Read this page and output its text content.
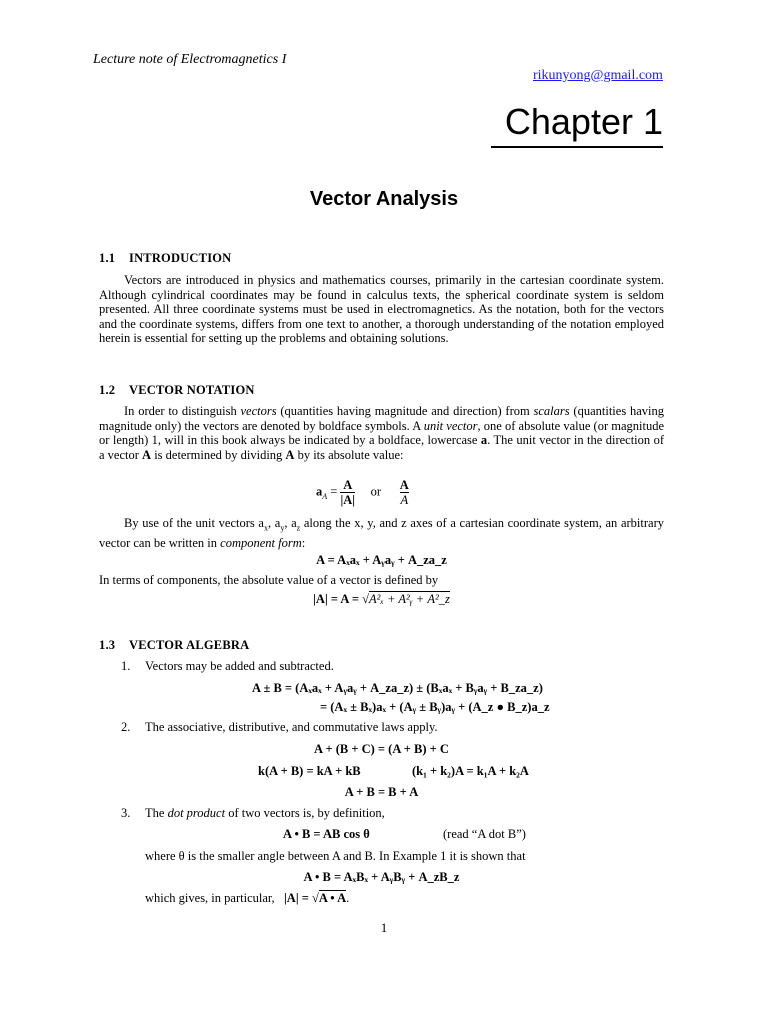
Lecture note of Electromagnetics I
rikunyong@gmail.com
Chapter 1
Vector Analysis
1.1 INTRODUCTION
Vectors are introduced in physics and mathematics courses, primarily in the cartesian coordinate system. Although cylindrical coordinates may be found in calculus texts, the spherical coordinate system is seldom presented. All three coordinate systems must be used in electromagnetics. As the notation, both for the vectors and the coordinate systems, differs from one text to another, a thorough understanding of the notation employed herein is essential for setting up the problems and obtaining solutions.
1.2 VECTOR NOTATION
In order to distinguish vectors (quantities having magnitude and direction) from scalars (quantities having magnitude only) the vectors are denoted by boldface symbols. A unit vector, one of absolute value (or magnitude or length) 1, will in this book always be indicated by a boldface, lowercase a. The unit vector in the direction of a vector A is determined by dividing A by its absolute value:
$a_A = \frac{A}{|A|}$ or $\frac{A}{A}$
By use of the unit vectors $a_x$, $a_y$, $a_z$ along the x, y, and z axes of a cartesian coordinate system, an arbitrary vector can be written in component form:
A = Aₓaₓ + Aᵧaᵧ + A_za_z
In terms of components, the absolute value of a vector is defined by
|A| = A = √A²ₓ + A²ᵧ + A²_z
1.3 VECTOR ALGEBRA
1. Vectors may be added and subtracted.
A ± B = (Aₓaₓ + Aᵧaᵧ + A_za_z) ± (Bₓaₓ + Bᵧaᵧ + B_za_z)
= (Aₓ ± Bₓ)aₓ + (Aᵧ ± Bᵧ)aᵧ + (A_z ● B_z)a_z
2. The associative, distributive, and commutative laws apply.
A + (B + C) = (A + B) + C
k(A + B) = kA + kB	(k₁ + k₂)A = k₁A + k₂A
A + B = B + A
3. The dot product of two vectors is, by definition,
A • B = AB cos θ	(read “A dot B”)
where θ is the smaller angle between A and B. In Example 1 it is shown that
A • B = AₓBₓ + AᵧBᵧ + A_zB_z
which gives, in particular,   |A| = √A • A.
1
